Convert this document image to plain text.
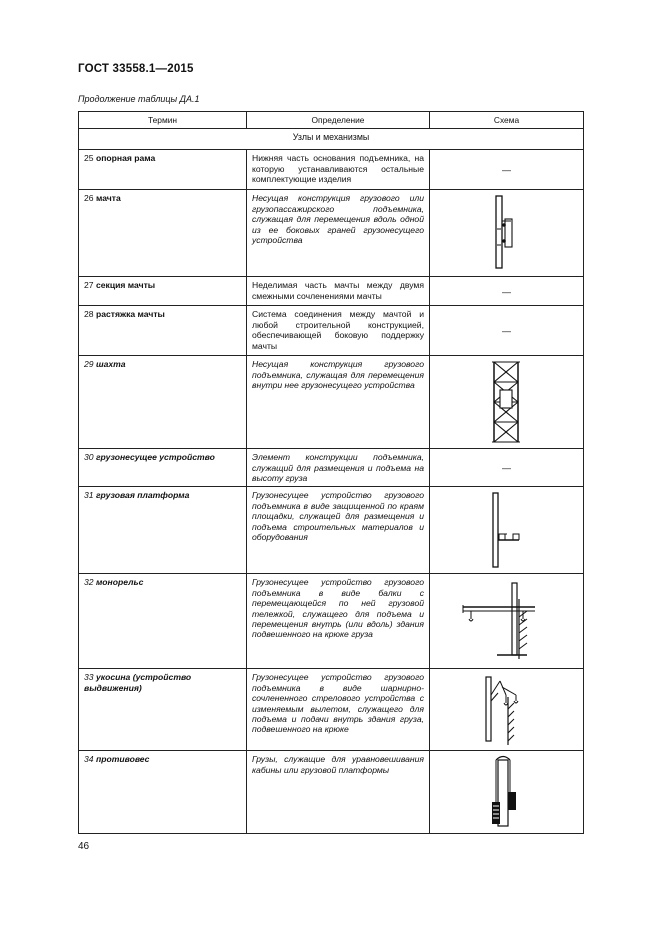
ГОСТ 33558.1—2015
Продолжение таблицы ДА.1
Термин	Определение	Схема
Узлы и механизмы		
25 опорная рама	Нижняя часть основания подъемника, на которую устанавливаются остальные комплектующие изделия	—
26 мачта	Несущая конструкция грузового или грузопассажирского подъемника, служащая для перемещения вдоль одной из ее боковых граней грузонесущего устройства	

27 секция мачты	Неделимая часть мачты между двумя смежными сочленениями мачты	—
28 растяжка мачты	Система соединения между мачтой и любой строительной конструкцией, обеспечивающей боковую поддержку мачты	—
29 шахта	Несущая конструкция грузового подъемника, служащая для перемещения внутри нее грузонесущего устройства	

30 грузонесущее устройство	Элемент конструкции подъемника, служащий для размещения и подъема на высоту груза	—
31 грузовая платформа	Грузонесущее устройство грузового подъемника в виде защищенной по краям площадки, служащей для размещения и подъема строительных материалов и оборудования	

32 монорельс	Грузонесущее устройство грузового подъемника в виде балки с перемещающейся по ней грузовой тележкой, служащего для подъема и перемещения внутрь (или вдоль) здания подвешенного на крюке груза	

33 укосина (устройство выдвижения)	Грузонесущее устройство грузового подъемника в виде шарнирно-сочлененного стрелового устройства с изменяемым вылетом, служащего для подъема и подачи внутрь здания груза, подвешенного на крюке	

34 противовес	Грузы, служащие для уравновешивания кабины или грузовой платформы	
46
